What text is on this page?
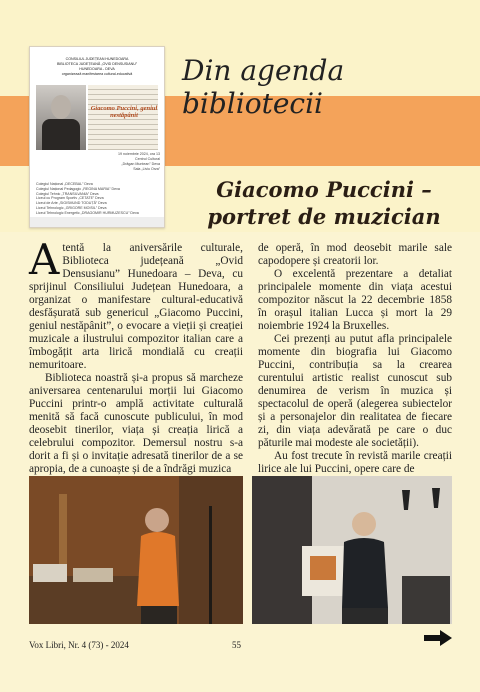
CONSILIUL JUDEȚEAN HUNEDOARA
BIBLIOTECA JUDEȚEANĂ „OVID DENSUSIANU”
HUNEDOARA - DEVA
organizează manifestarea cultural-educativă
Giacomo Puccini, geniul nestăpânit
19 noiembrie 2024, ora 13
Centrul Cultural
„Drăgan Muntean” Deva
Sala „Liviu Orza”
Colegiul Național „DECEBAL” Deva
Colegiul Național Pedagogic „REGINA MARIA” Deva
Colegiul Tehnic „TRANSILVANIA” Deva
Liceul cu Program Sportiv „CETATE” Deva
Liceul de Arte „SIGISMUND TODUȚĂ” Deva
Liceul Tehnologic „GRIGORE MOISIL” Deva
Liceul Tehnologic Energetic „DRAGOMIR HURMUZESCU” Deva
Din agenda bibliotecii
Giacomo Puccini – portret de muzician

Atentă la aniversările culturale, Biblioteca județeană „Ovid Densusianu” Hunedoara – Deva, cu sprijinul Consiliului Județean Hunedoara, a organizat o manifestare cultural-educativă desfășurată sub genericul „Giacomo Puccini, geniul nestăpânit”, o evocare a vieții și creației muzicale a ilustrului compozitor italian care a îmbogățit arta lirică mondială cu creații nemuritoare.

Biblioteca noastră și-a propus să marcheze aniversarea centenarului morții lui Giacomo Puccini printr-o amplă activitate culturală menită să facă cunoscute publicului, în mod deosebit tinerilor, viața și creația lirică a celebrului compozitor. Demersul nostru s-a dorit a fi și o invitație adresată tinerilor de a se apropia, de a cunoaște și de a îndrăgi muzica

de operă, în mod deosebit marile sale capodopere și creatorii lor.

O excelentă prezentare a detaliat principalele momente din viața acestui compozitor născut la 22 decembrie 1858 în orașul italian Lucca și mort la 29 noiembrie 1924 la Bruxelles.

Cei prezenți au putut afla principalele momente din biografia lui Giacomo Puccini, contribuția sa la crearea curentului artistic realist cunoscut sub denumirea de verism în muzica și spectacolul de operă (alegerea subiectelor și a personajelor din realitatea de fiecare zi, din viața adevărată pe care o duc păturile mai modeste ale societății).

Au fost trecute în revistă marile creații lirice ale lui Puccini, opere care de

Vox Libri, Nr. 4 (73) - 2024	55
